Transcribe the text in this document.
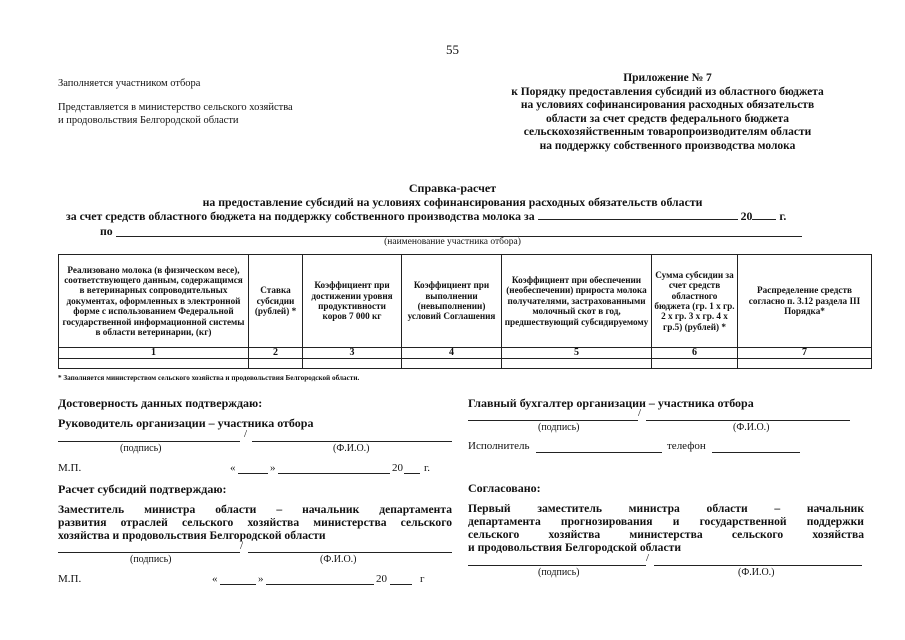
55
Заполняется участником отбора
Представляется в министерство сельского хозяйства
и продовольствия Белгородской области
Приложение № 7
к Порядку предоставления субсидий из областного бюджета
на условиях софинансирования расходных обязательств
области за счет средств федерального бюджета
сельскохозяйственным товаропроизводителям области
на поддержку собственного производства молока
Справка-расчет
на предоставление субсидий на условиях софинансирования расходных обязательств области
за счет средств областного бюджета на поддержку собственного производства молока за	20 г.
по
(наименование участника отбора)
Реализовано молока (в физическом весе), соответствующего данным, содержащимся в ветеринарных сопроводительных документах, оформленных в электронной форме с использованием Федеральной государственной информационной системы в области ветеринарии, (кг)	Ставка субсидии (рублей) *	Коэффициент при достижении уровня продуктивности коров 7 000 кг	Коэффициент при выполнении (невыполнении) условий Соглашения	Коэффициент при обеспечении (необеспечении) прироста молока получателями, застрахованными молочный скот в год, предшествующий субсидируемому	Сумма субсидии за счет средств областного бюджета (гр. 1 х гр. 2 х гр. 3 х гр. 4 х гр.5) (рублей) *	Распределение средств согласно п. 3.12 раздела III Порядка*
1	2	3	4	5	6	7

* Заполняется министерством сельского хозяйства и продовольствия Белгородской области.
Достоверность данных подтверждаю:
Руководитель организации – участника отбора
/
(подпись)	(Ф.И.О.)
М.П.	«	»	20 г.
Расчет субсидий подтверждаю:
Заместитель министра области – начальник департамента
развития отраслей сельского хозяйства министерства сельского
хозяйства и продовольствия Белгородской области
/
(подпись)	(Ф.И.О.)
М.П.	«	»	20	г
Главный бухгалтер организации – участника отбора
/
(подпись)	(Ф.И.О.)
Исполнитель	телефон
Согласовано:
Первый заместитель министра области – начальник
департамента прогнозирования и государственной поддержки
сельского хозяйства министерства сельского хозяйства
и продовольствия Белгородской области
/
(подпись)	(Ф.И.О.)
